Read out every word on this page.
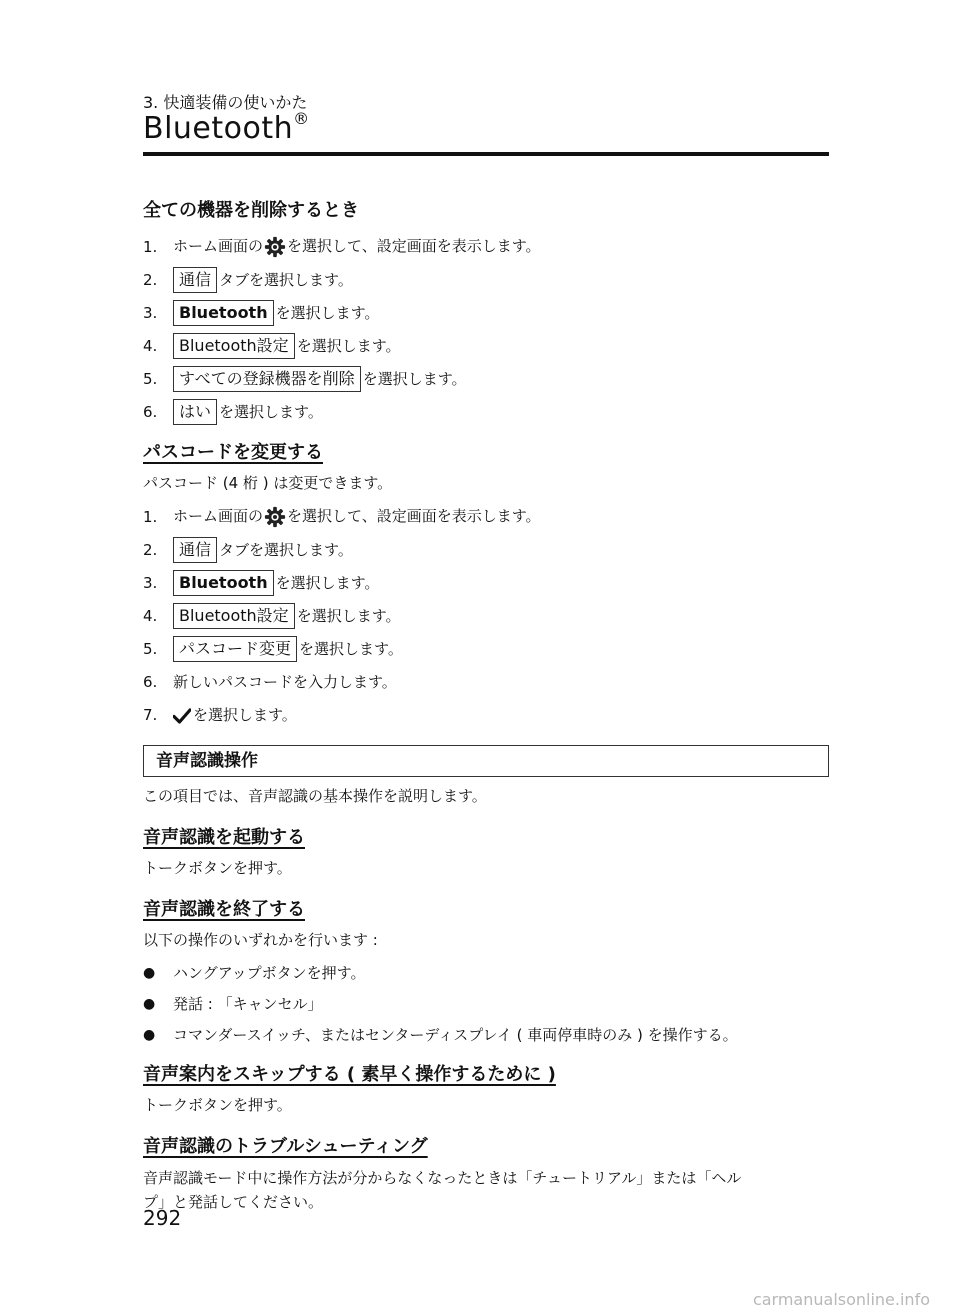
3. 快適装備の使いかた
Bluetooth®
全ての機器を削除するとき
1.	ホーム画面の を選択して、設定画面を表示します。
2.	通信 タブを選択します。
3.	Bluetooth を選択します。
4.	Bluetooth設定 を選択します。
5.	すべての登録機器を削除 を選択します。
6.	はい を選択します。
パスコードを変更する
パスコード (4 桁 ) は変更できます。
1.	ホーム画面の を選択して、設定画面を表示します。
2.	通信 タブを選択します。
3.	Bluetooth を選択します。
4.	Bluetooth設定 を選択します。
5.	パスコード変更 を選択します。
6.	新しいパスコードを入力します。
7.	を選択します。
音声認識操作
この項目では、音声認識の基本操作を説明します。
音声認識を起動する
トークボタンを押す。
音声認識を終了する
以下の操作のいずれかを行います :
●	ハングアップボタンを押す。
●	発話 : 「キャンセル」
●	コマンダースイッチ、またはセンターディスプレイ ( 車両停車時のみ ) を操作する。
音声案内をスキップする ( 素早く操作するために )
トークボタンを押す。
音声認識のトラブルシューティング
音声認識モード中に操作方法が分からなくなったときは「チュートリアル」または「ヘル
プ」と発話してください。
292
carmanualsonline.info
